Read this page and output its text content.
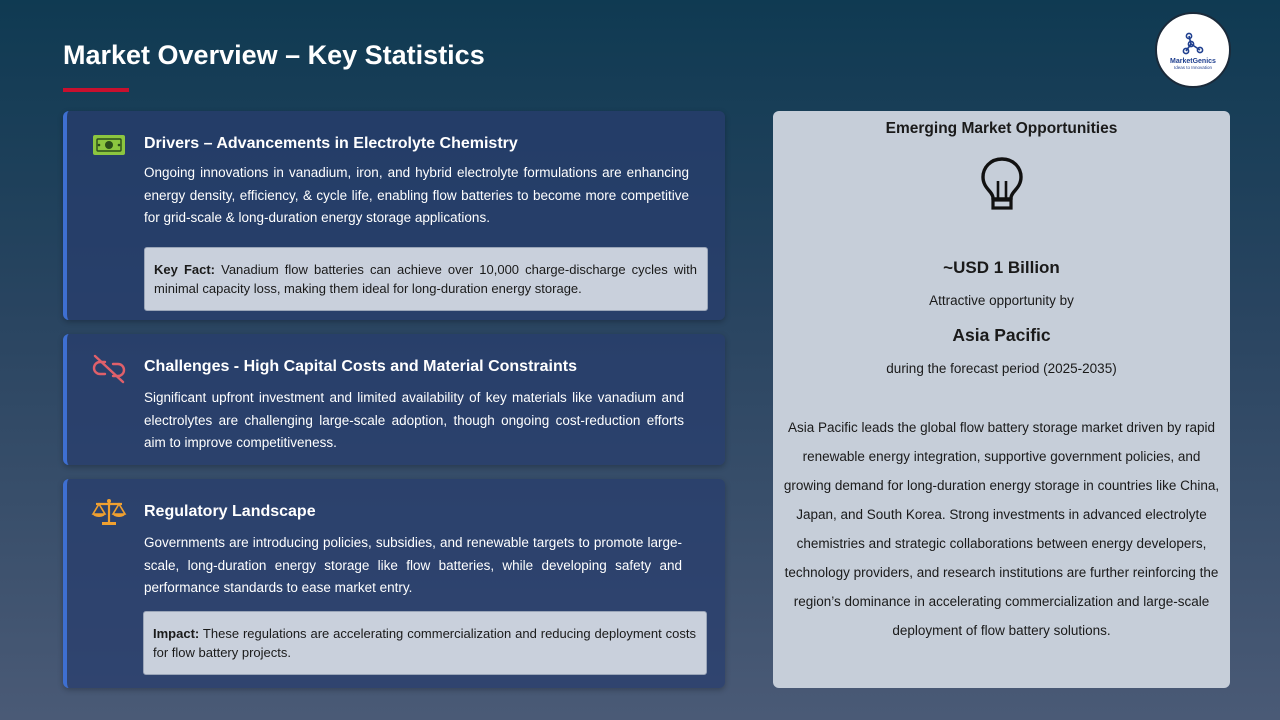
Market Overview – Key Statistics	MarketGenics
Ideas to Innovation
Drivers – Advancements in Electrolyte Chemistry
Ongoing innovations in vanadium, iron, and hybrid electrolyte formulations are enhancing energy density, efficiency, & cycle life, enabling flow batteries to become more competitive for grid-scale & long-duration energy storage applications.
Key Fact: Vanadium flow batteries can achieve over 10,000 charge-discharge cycles with minimal capacity loss, making them ideal for long-duration energy storage.
Challenges - High Capital Costs and Material Constraints
Significant upfront investment and limited availability of key materials like vanadium and electrolytes are challenging large-scale adoption, though ongoing cost-reduction efforts aim to improve competitiveness.
Regulatory Landscape
Governments are introducing policies, subsidies, and renewable targets to promote large-scale, long-duration energy storage like flow batteries, while developing safety and performance standards to ease market entry.
Impact: These regulations are accelerating commercialization and reducing deployment costs for flow battery projects.
Emerging Market Opportunities
~USD 1 Billion
Attractive opportunity by
Asia Pacific
during the forecast period (2025-2035)
Asia Pacific leads the global flow battery storage market driven by rapid renewable energy integration, supportive government policies, and growing demand for long-duration energy storage in countries like China, Japan, and South Korea. Strong investments in advanced electrolyte chemistries and strategic collaborations between energy developers, technology providers, and research institutions are further reinforcing the region’s dominance in accelerating commercialization and large-scale deployment of flow battery solutions.
